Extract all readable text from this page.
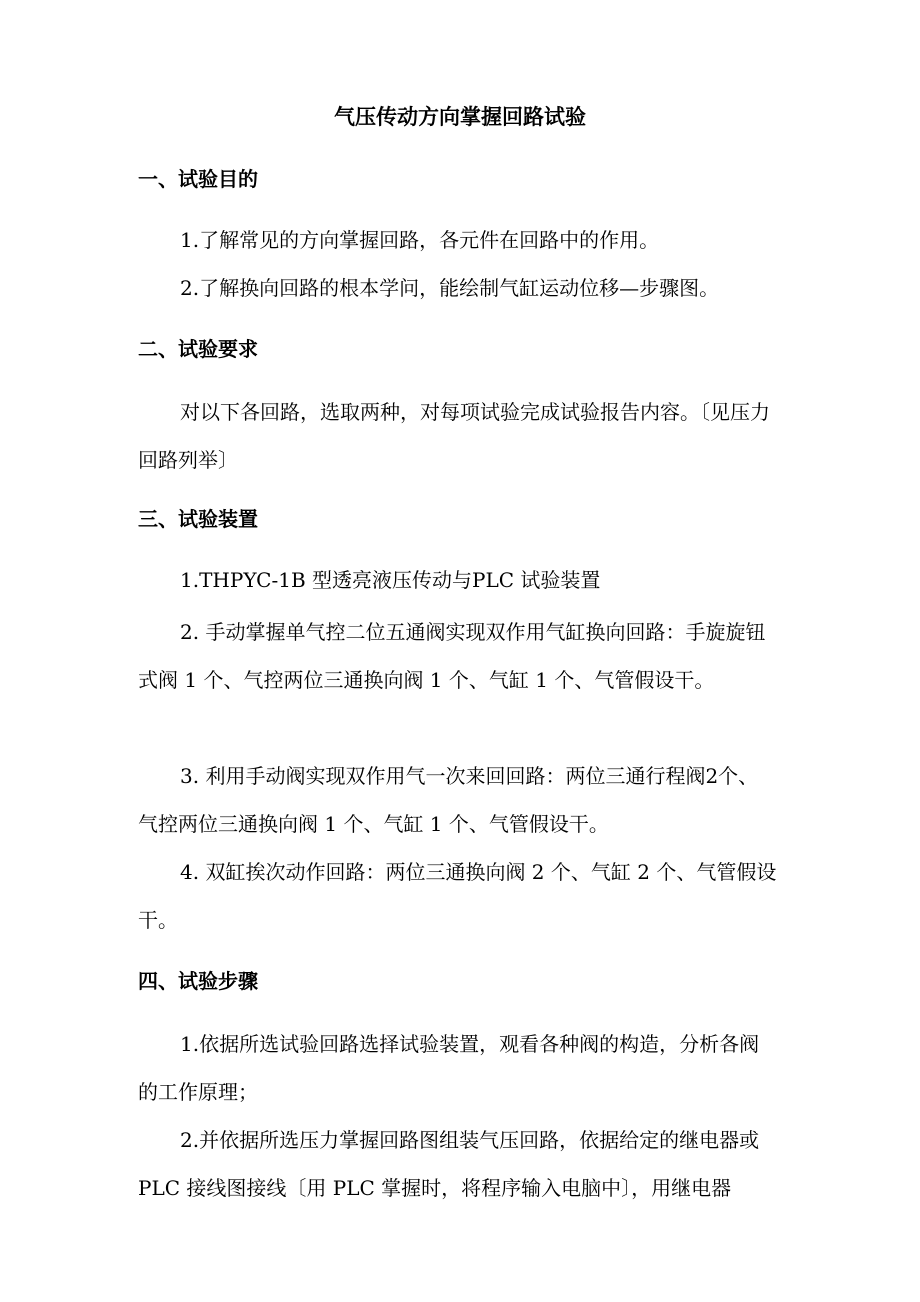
气压传动方向掌握回路试验
一、试验目的
1.了解常见的方向掌握回路，各元件在回路中的作用。
2.了解换向回路的根本学问，能绘制气缸运动位移—步骤图。
二、试验要求
对以下各回路，选取两种，对每项试验完成试验报告内容。〔见压力回路列举〕
三、试验装置
1.THPYC-1B 型透亮液压传动与PLC 试验装置
2. 手动掌握单气控二位五通阀实现双作用气缸换向回路：手旋旋钮式阀 1 个、气控两位三通换向阀 1 个、气缸 1 个、气管假设干。
3. 利用手动阀实现双作用气一次来回回路：两位三通行程阀2个、气控两位三通换向阀 1 个、气缸 1 个、气管假设干。
4. 双缸挨次动作回路：两位三通换向阀 2 个、气缸 2 个、气管假设干。
四、试验步骤
1.依据所选试验回路选择试验装置，观看各种阀的构造，分析各阀的工作原理；
2.并依据所选压力掌握回路图组装气压回路，依据给定的继电器或 PLC 接线图接线〔用 PLC 掌握时，将程序输入电脑中〕，用继电器
